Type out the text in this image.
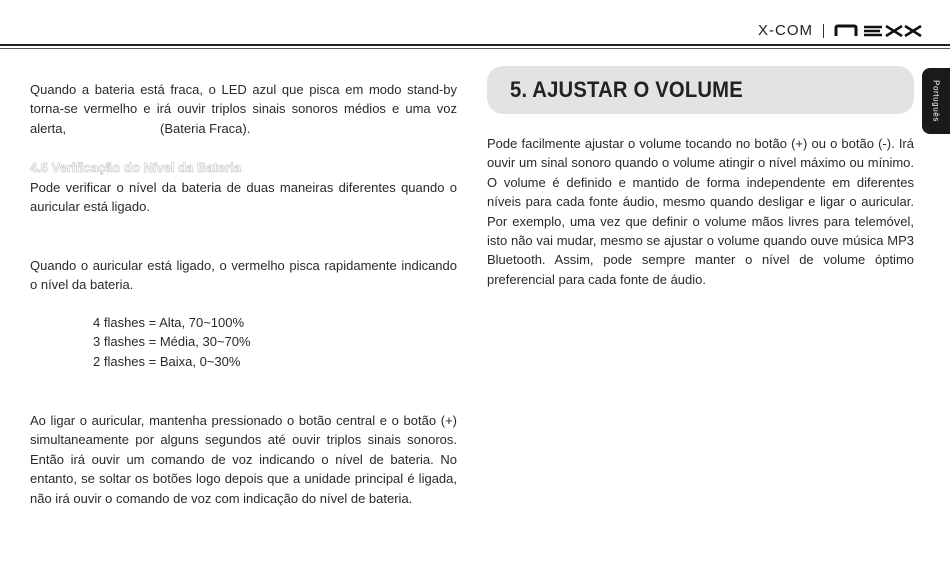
X-COM
Português

Quando a bateria está fraca, o LED azul que pisca em modo stand-by torna-se vermelho e irá ouvir triplos sinais sonoros médios e uma voz alerta,                          (Bateria Fraca).

4.5 Verificação do Nível da Bateria

Pode verificar o nível da bateria de duas maneiras diferentes quando o auricular está ligado.

Quando o auricular está ligado, o vermelho pisca rapidamente indicando o nível da bateria.

4 flashes = Alta, 70~100%
3 flashes = Média, 30~70%
2 flashes = Baixa, 0~30%

Ao ligar o auricular, mantenha pressionado o botão central e o botão (+) simultaneamente por alguns segundos até ouvir triplos sinais sonoros. Então irá ouvir um comando de voz indicando o nível de bateria. No entanto, se soltar os botões logo depois que a unidade principal é ligada, não irá ouvir o comando de voz com indicação do nível de bateria.

5. AJUSTAR O VOLUME

Pode facilmente ajustar o volume tocando no botão (+) ou o botão (-). Irá ouvir um sinal sonoro quando o volume atingir o nível máximo ou mínimo. O volume é definido e mantido de forma independente em diferentes níveis para cada fonte áudio, mesmo quando desligar e ligar o auricular. Por exemplo, uma vez que definir o volume mãos livres para telemóvel, isto não vai mudar, mesmo se ajustar o volume quando ouve música MP3 Bluetooth. Assim, pode sempre manter o nível de volume óptimo preferencial para cada fonte de áudio.
